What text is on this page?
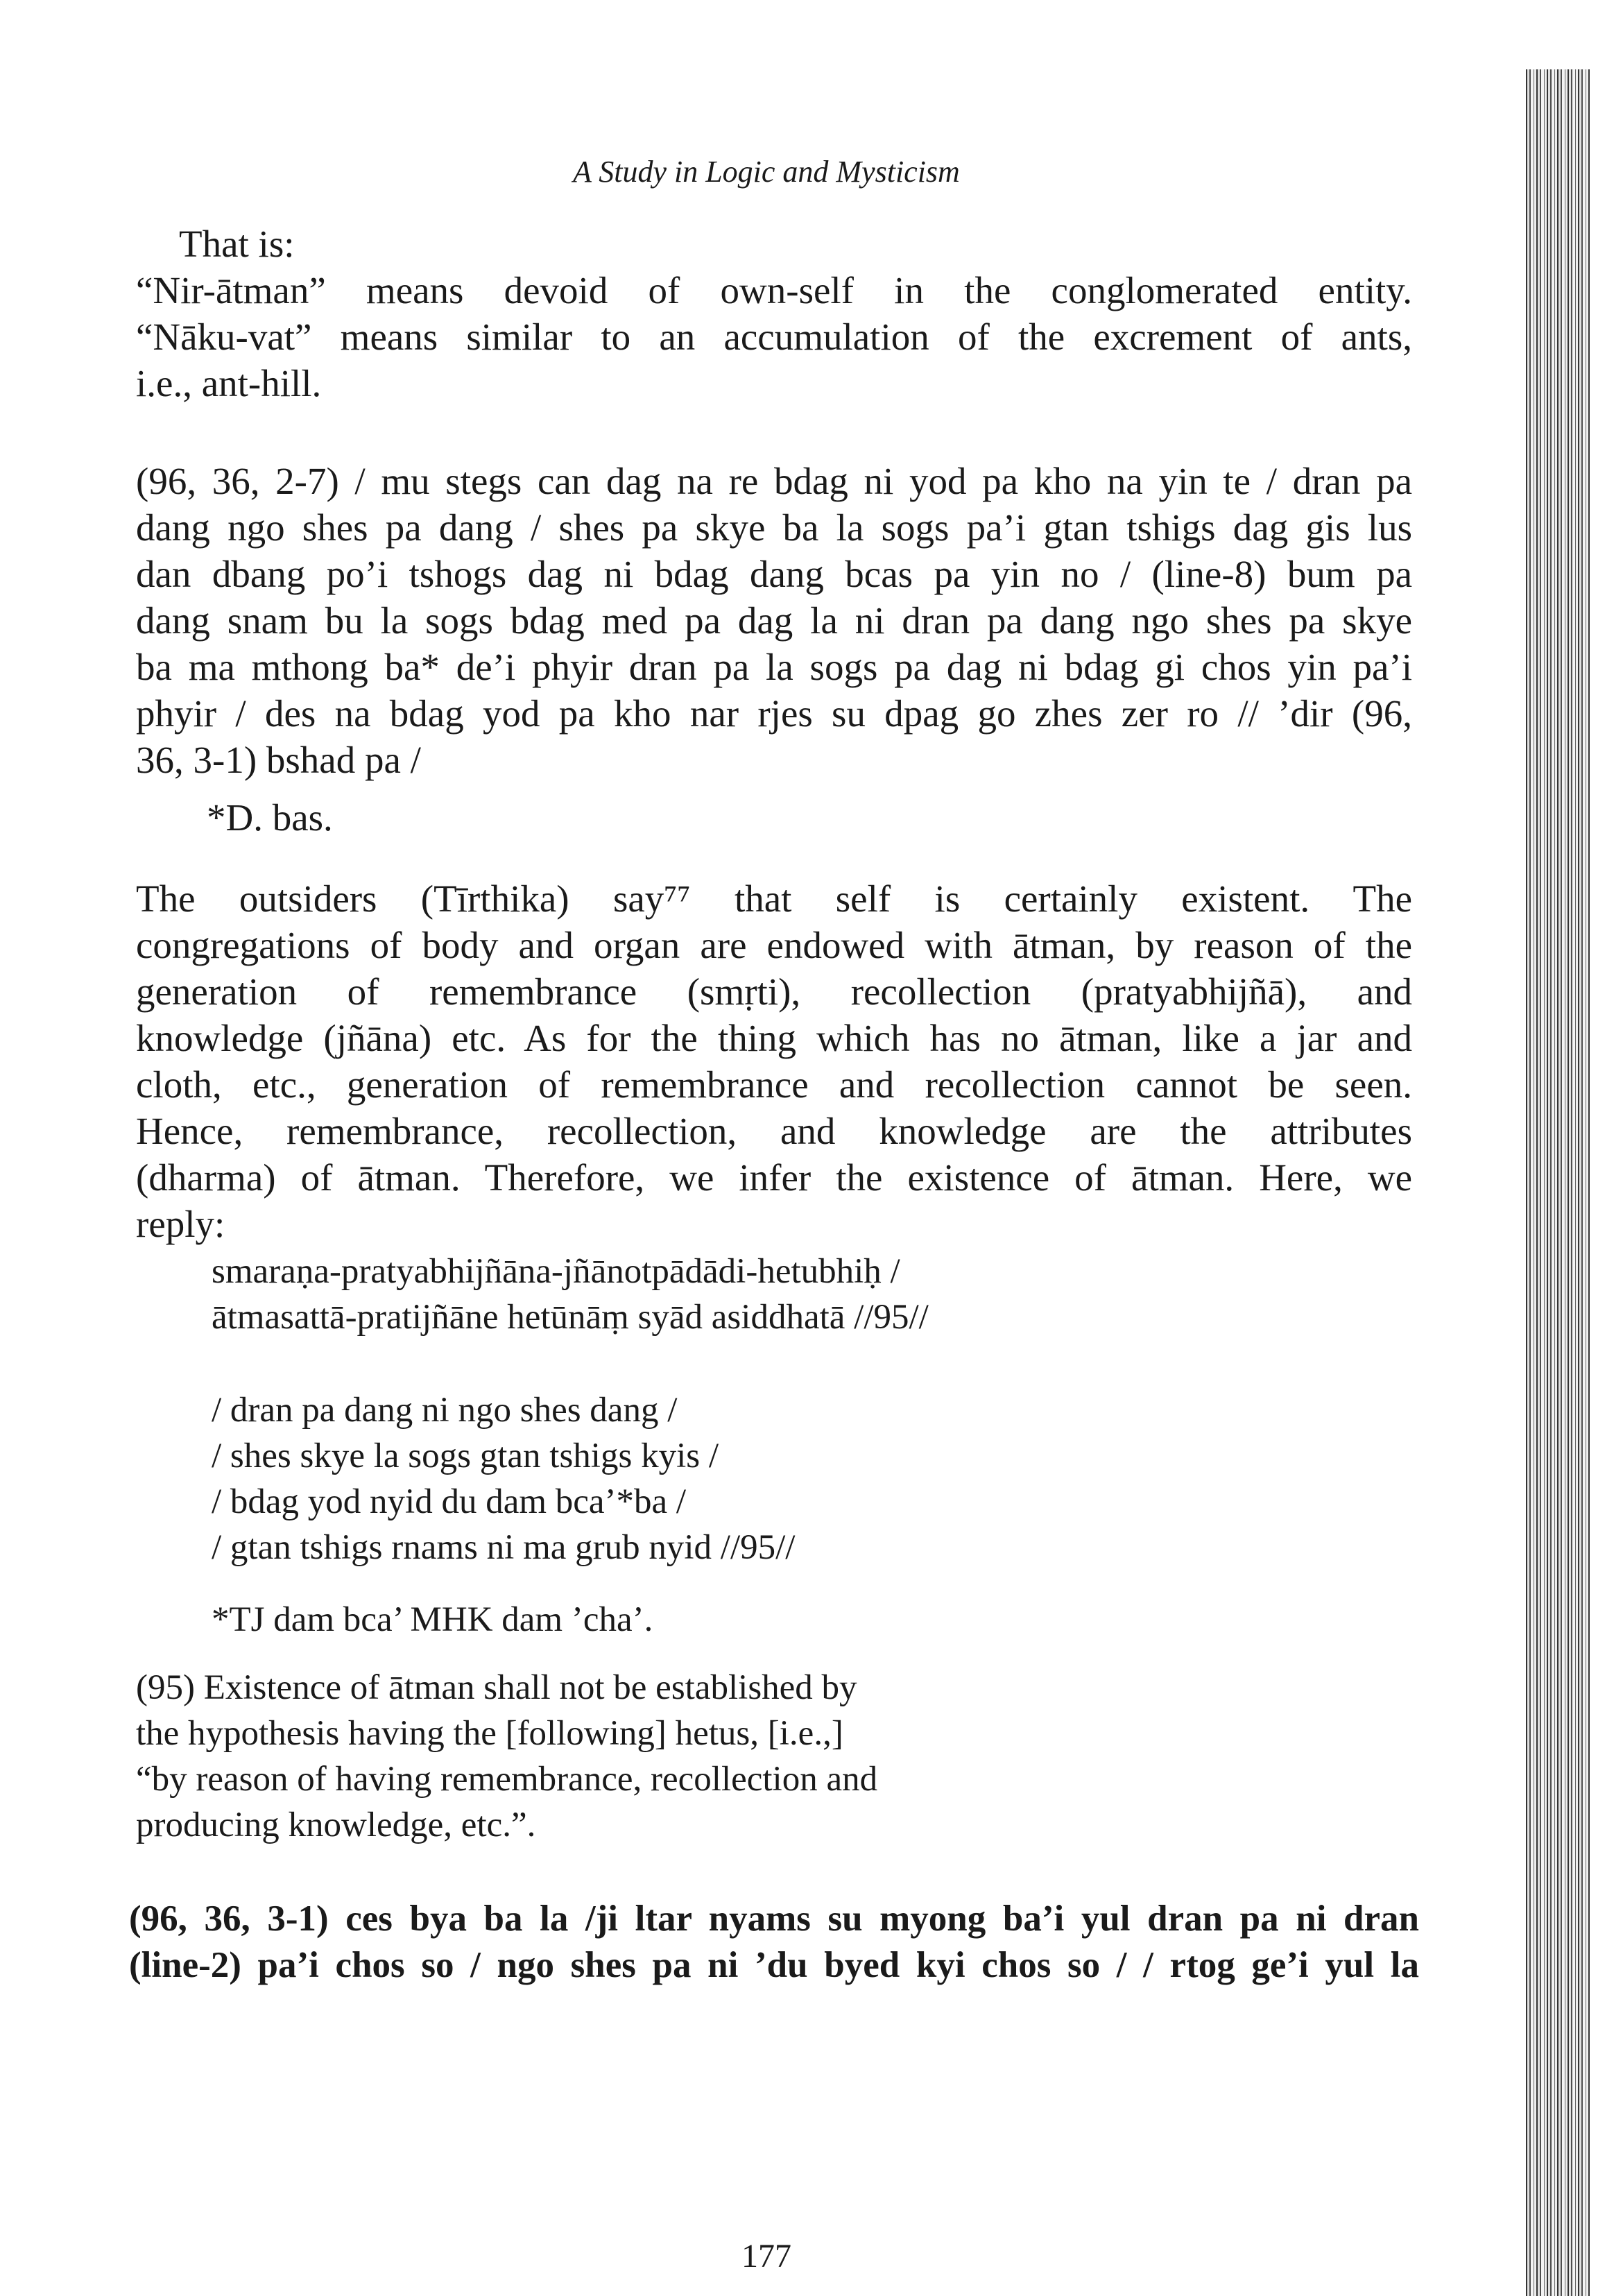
A Study in Logic and Mysticism
That is:
“Nir-ātman” means devoid of own-self in the conglomerated entity.
“Nāku-vat” means similar to an accumulation of the excrement of ants,
i.e., ant-hill.
(96, 36, 2-7) / mu stegs can dag na re bdag ni yod pa kho na yin te / dran pa
dang ngo shes pa dang / shes pa skye ba la sogs pa’i gtan tshigs dag gis lus
dan dbang po’i tshogs dag ni bdag dang bcas pa yin no / (line-8) bum pa
dang snam bu la sogs bdag med pa dag la ni dran pa dang ngo shes pa skye
ba ma mthong ba* de’i phyir dran pa la sogs pa dag ni bdag gi chos yin pa’i
phyir / des na bdag yod pa kho nar rjes su dpag go zhes zer ro // ’dir (96,
36, 3-1) bshad pa /
*D. bas.
The outsiders (Tīrthika) say⁷⁷ that self is certainly existent. The
congregations of body and organ are endowed with ātman, by reason of the
generation of remembrance (smṛti), recollection (pratyabhijñā), and
knowledge (jñāna) etc. As for the thing which has no ātman, like a jar and
cloth, etc., generation of remembrance and recollection cannot be seen.
Hence, remembrance, recollection, and knowledge are the attributes
(dharma) of ātman. Therefore, we infer the existence of ātman. Here, we
reply:
smaraṇa-pratyabhijñāna-jñānotpādādi-hetubhiḥ /
ātmasattā-pratijñāne hetūnāṃ syād asiddhatā //95//
/ dran pa dang ni ngo shes dang /
/ shes skye la sogs gtan tshigs kyis /
/ bdag yod nyid du dam bca’*ba /
/ gtan tshigs rnams ni ma grub nyid //95//
*TJ dam bca’ MHK dam ’cha’.
(95) Existence of ātman shall not be established by
the hypothesis having the [following] hetus, [i.e.,]
“by reason of having remembrance, recollection and
producing knowledge, etc.”.
(96, 36, 3-1) ces bya ba la /ji ltar nyams su myong ba’i yul dran pa ni dran
(line-2) pa’i chos so / ngo shes pa ni ’du byed kyi chos so / / rtog ge’i yul la
177
